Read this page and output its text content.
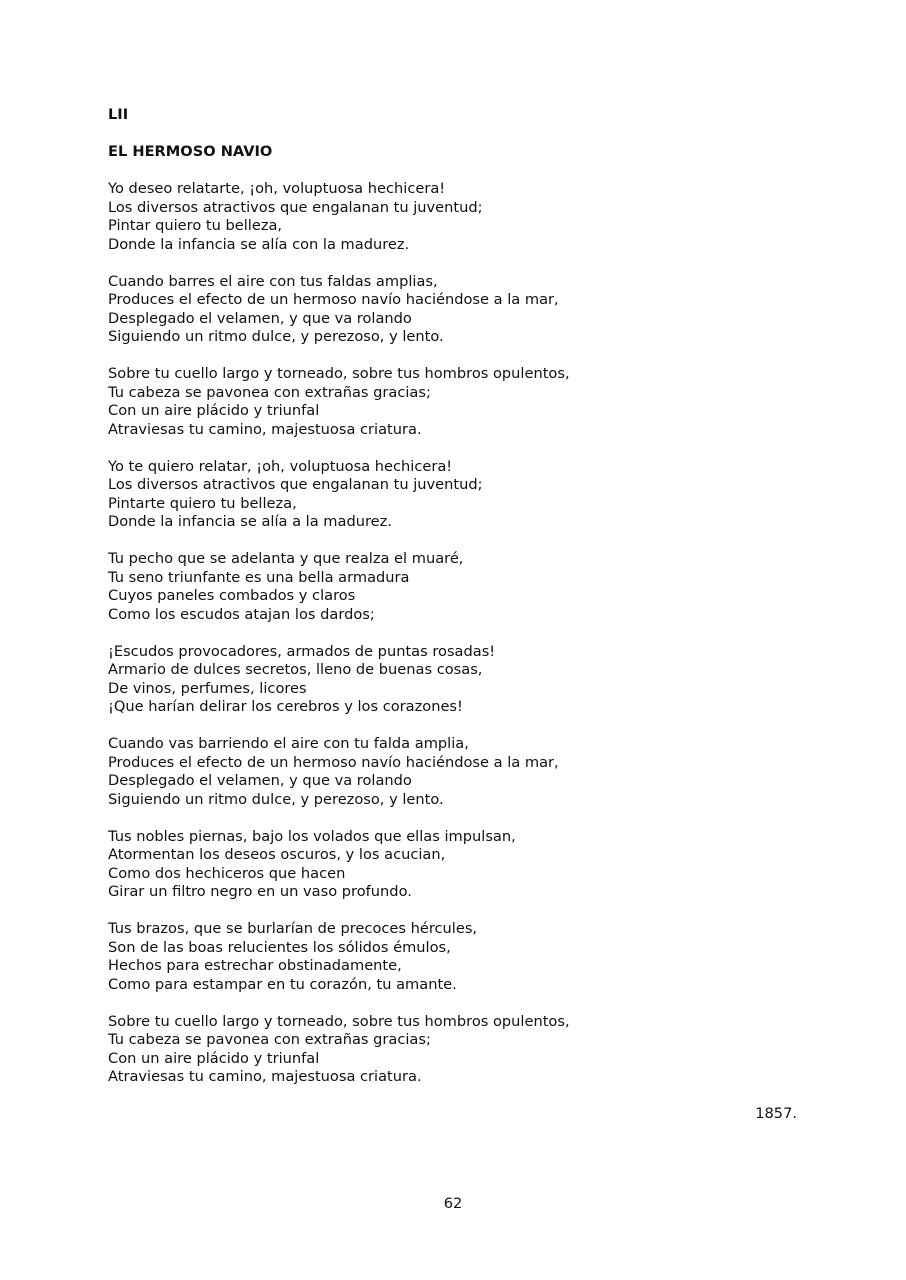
LII
EL HERMOSO NAVIO
Yo deseo relatarte, ¡oh, voluptuosa hechicera!
Los diversos atractivos que engalanan tu juventud;
Pintar quiero tu belleza,
Donde la infancia se alía con la madurez.
Cuando barres el aire con tus faldas amplias,
Produces el efecto de un hermoso navío haciéndose a la mar,
Desplegado el velamen, y que va rolando
Siguiendo un ritmo dulce, y perezoso, y lento.
Sobre tu cuello largo y torneado, sobre tus hombros opulentos,
Tu cabeza se pavonea con extrañas gracias;
Con un aire plácido y triunfal
Atraviesas tu camino, majestuosa criatura.
Yo te quiero relatar, ¡oh, voluptuosa hechicera!
Los diversos atractivos que engalanan tu juventud;
Pintarte quiero tu belleza,
Donde la infancia se alía a la madurez.
Tu pecho que se adelanta y que realza el muaré,
Tu seno triunfante es una bella armadura
Cuyos paneles combados y claros
Como los escudos atajan los dardos;
¡Escudos provocadores, armados de puntas rosadas!
Armario de dulces secretos, lleno de buenas cosas,
De vinos, perfumes, licores
¡Que harían delirar los cerebros y los corazones!
Cuando vas barriendo el aire con tu falda amplia,
Produces el efecto de un hermoso navío haciéndose a la mar,
Desplegado el velamen, y que va rolando
Siguiendo un ritmo dulce, y perezoso, y lento.
Tus nobles piernas, bajo los volados que ellas impulsan,
Atormentan los deseos oscuros, y los acucian,
Como dos hechiceros que hacen
Girar un filtro negro en un vaso profundo.
Tus brazos, que se burlarían de precoces hércules,
Son de las boas relucientes los sólidos émulos,
Hechos para estrechar obstinadamente,
Como para estampar en tu corazón, tu amante.
Sobre tu cuello largo y torneado, sobre tus hombros opulentos,
Tu cabeza se pavonea con extrañas gracias;
Con un aire plácido y triunfal
Atraviesas tu camino, majestuosa criatura.
1857.
62
